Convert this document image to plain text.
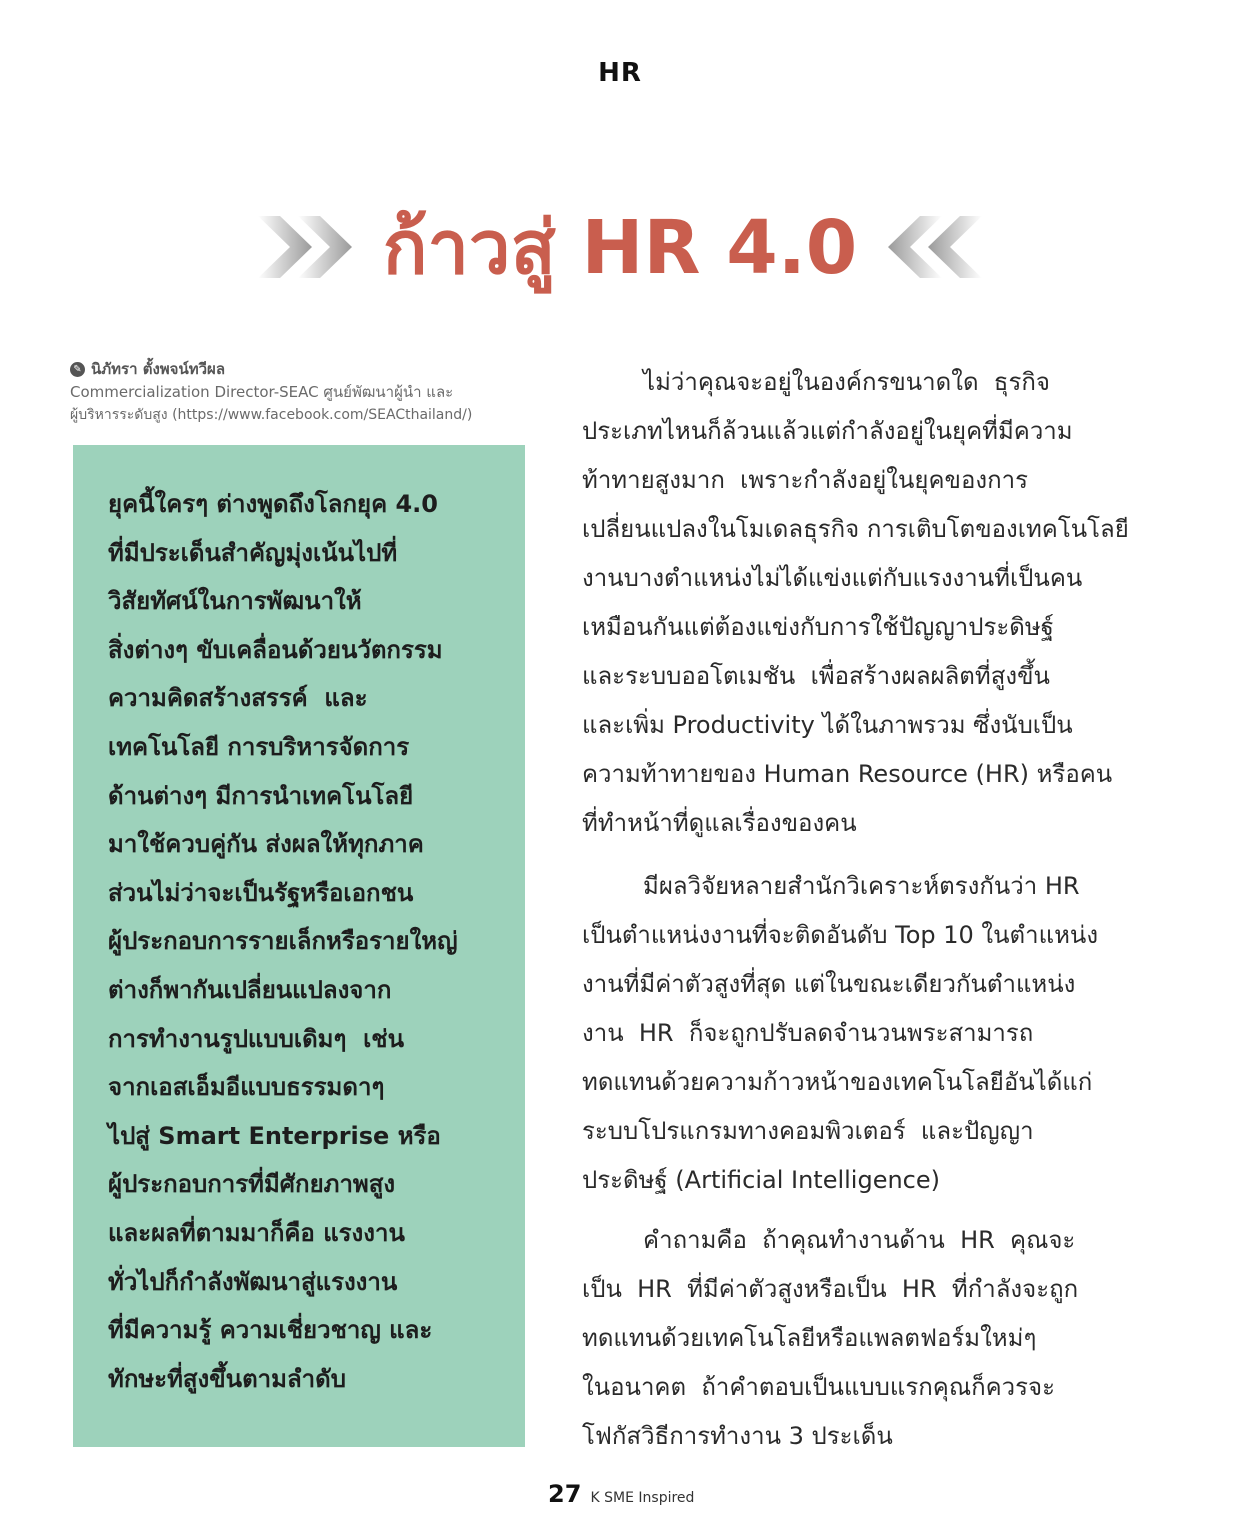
HR
ก้าวสู่ HR 4.0
✎ นิภัทรา ตั้งพจน์ทวีผล
Commercialization Director-SEAC ศูนย์พัฒนาผู้นำ และ
ผู้บริหารระดับสูง (https://www.facebook.com/SEACthailand/)
ยุคนี้ใครๆ ต่างพูดถึงโลกยุค 4.0
ที่มีประเด็นสำคัญมุ่งเน้นไปที่
วิสัยทัศน์ในการพัฒนาให้
สิ่งต่างๆ ขับเคลื่อนด้วยนวัตกรรม
ความคิดสร้างสรรค์  และ
เทคโนโลยี การบริหารจัดการ
ด้านต่างๆ มีการนำเทคโนโลยี
มาใช้ควบคู่กัน ส่งผลให้ทุกภาค
ส่วนไม่ว่าจะเป็นรัฐหรือเอกชน
ผู้ประกอบการรายเล็กหรือรายใหญ่
ต่างก็พากันเปลี่ยนแปลงจาก
การทำงานรูปแบบเดิมๆ  เช่น
จากเอสเอ็มอีแบบธรรมดาๆ
ไปสู่ Smart Enterprise หรือ
ผู้ประกอบการที่มีศักยภาพสูง
และผลที่ตามมาก็คือ แรงงาน
ทั่วไปก็กำลังพัฒนาสู่แรงงาน
ที่มีความรู้ ความเชี่ยวชาญ และ
ทักษะที่สูงขึ้นตามลำดับ
ไม่ว่าคุณจะอยู่ในองค์กรขนาดใด  ธุรกิจ
ประเภทไหนก็ล้วนแล้วแต่กำลังอยู่ในยุคที่มีความ
ท้าทายสูงมาก  เพราะกำลังอยู่ในยุคของการ
เปลี่ยนแปลงในโมเดลธุรกิจ การเติบโตของเทคโนโลยี
งานบางตำแหน่งไม่ได้แข่งแต่กับแรงงานที่เป็นคน
เหมือนกันแต่ต้องแข่งกับการใช้ปัญญาประดิษฐ์
และระบบออโตเมชัน  เพื่อสร้างผลผลิตที่สูงขึ้น
และเพิ่ม Productivity ได้ในภาพรวม ซึ่งนับเป็น
ความท้าทายของ Human Resource (HR) หรือคน
ที่ทำหน้าที่ดูแลเรื่องของคน
มีผลวิจัยหลายสำนักวิเคราะห์ตรงกันว่า HR
เป็นตำแหน่งงานที่จะติดอันดับ Top 10 ในตำแหน่ง
งานที่มีค่าตัวสูงที่สุด แต่ในขณะเดียวกันตำแหน่ง
งาน  HR  ก็จะถูกปรับลดจำนวนพระสามารถ
ทดแทนด้วยความก้าวหน้าของเทคโนโลยีอันได้แก่
ระบบโปรแกรมทางคอมพิวเตอร์  และปัญญา
ประดิษฐ์ (Artificial Intelligence)
คำถามคือ  ถ้าคุณทำงานด้าน  HR  คุณจะ
เป็น  HR  ที่มีค่าตัวสูงหรือเป็น  HR  ที่กำลังจะถูก
ทดแทนด้วยเทคโนโลยีหรือแพลตฟอร์มใหม่ๆ
ในอนาคต  ถ้าคำตอบเป็นแบบแรกคุณก็ควรจะ
โฟกัสวิธีการทำงาน 3 ประเด็น
27 K SME Inspired
